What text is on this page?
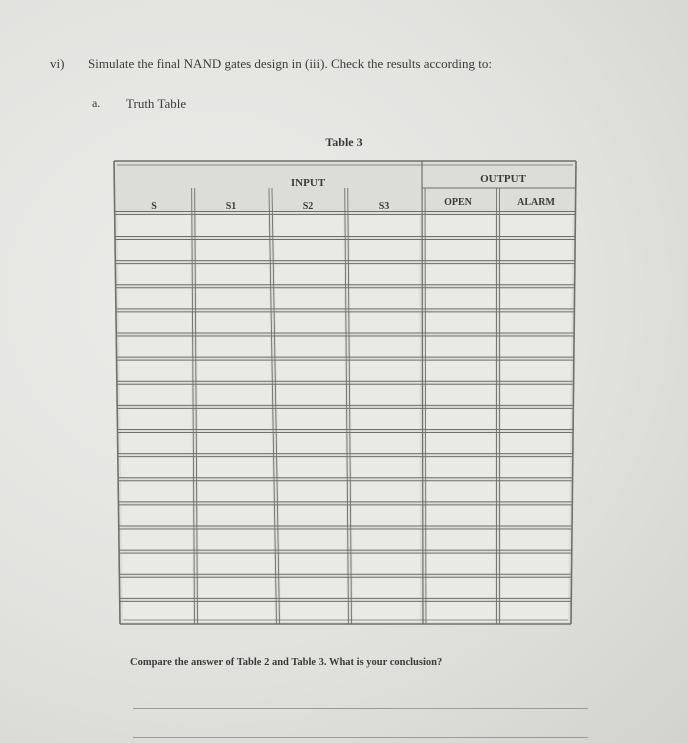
vi) Simulate the final NAND gates design in (iii). Check the results according to:
a. Truth Table
Table 3
INPUT	OUTPUT
S	S1	S2	S3	OPEN	ALARM
Compare the answer of Table 2 and Table 3. What is your conclusion?
